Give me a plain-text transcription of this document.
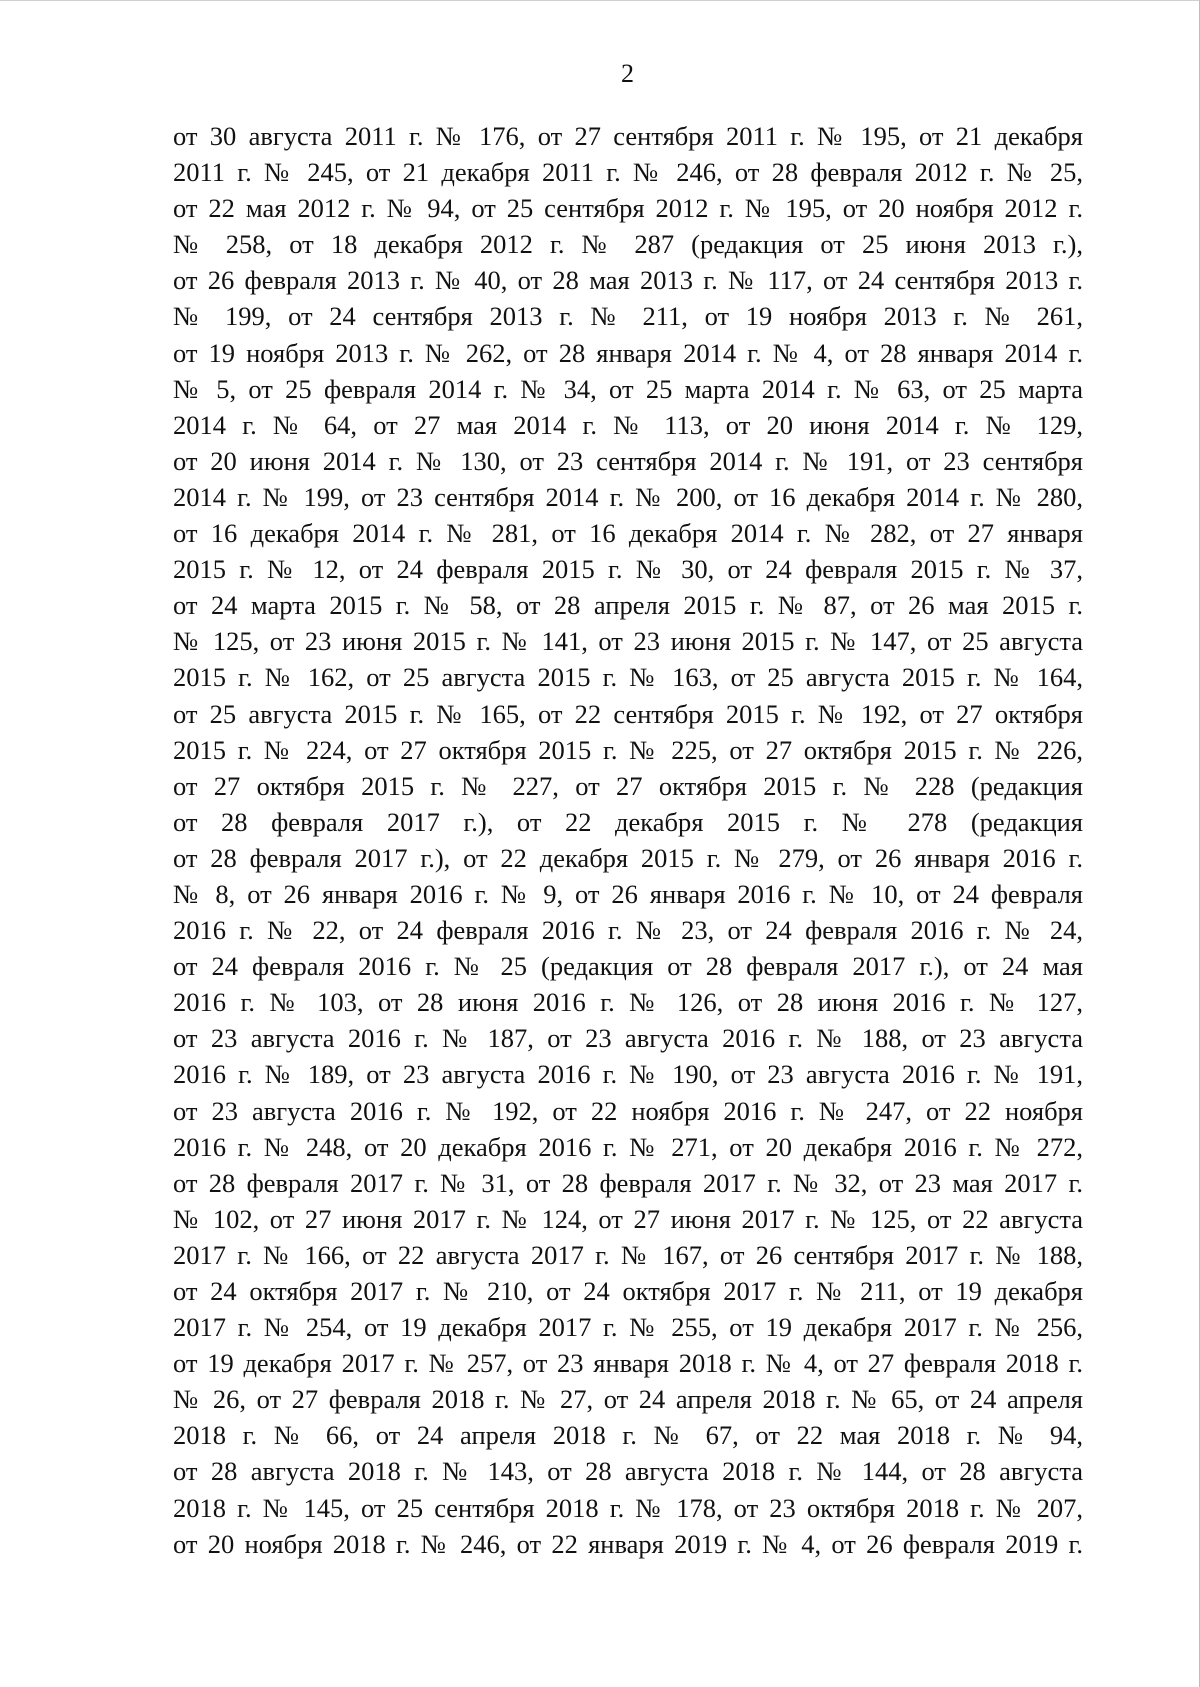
2
от 30 августа 2011 г. № 176, от 27 сентября 2011 г. № 195, от 21 декабря
2011 г. № 245, от 21 декабря 2011 г. № 246, от 28 февраля 2012 г. № 25,
от 22 мая 2012 г. № 94, от 25 сентября 2012 г. № 195, от 20 ноября 2012 г.
№ 258, от 18 декабря 2012 г. № 287 (редакция от 25 июня 2013 г.),
от 26 февраля 2013 г. № 40, от 28 мая 2013 г. № 117, от 24 сентября 2013 г.
№ 199, от 24 сентября 2013 г. № 211, от 19 ноября 2013 г. № 261,
от 19 ноября 2013 г. № 262, от 28 января 2014 г. № 4, от 28 января 2014 г.
№ 5, от 25 февраля 2014 г. № 34, от 25 марта 2014 г. № 63, от 25 марта
2014 г. № 64, от 27 мая 2014 г. № 113, от 20 июня 2014 г. № 129,
от 20 июня 2014 г. № 130, от 23 сентября 2014 г. № 191, от 23 сентября
2014 г. № 199, от 23 сентября 2014 г. № 200, от 16 декабря 2014 г. № 280,
от 16 декабря 2014 г. № 281, от 16 декабря 2014 г. № 282, от 27 января
2015 г. № 12, от 24 февраля 2015 г. № 30, от 24 февраля 2015 г. № 37,
от 24 марта 2015 г. № 58, от 28 апреля 2015 г. № 87, от 26 мая 2015 г.
№ 125, от 23 июня 2015 г. № 141, от 23 июня 2015 г. № 147, от 25 августа
2015 г. № 162, от 25 августа 2015 г. № 163, от 25 августа 2015 г. № 164,
от 25 августа 2015 г. № 165, от 22 сентября 2015 г. № 192, от 27 октября
2015 г. № 224, от 27 октября 2015 г. № 225, от 27 октября 2015 г. № 226,
от 27 октября 2015 г. № 227, от 27 октября 2015 г. № 228 (редакция
от 28 февраля 2017 г.), от 22 декабря 2015 г. № 278 (редакция
от 28 февраля 2017 г.), от 22 декабря 2015 г. № 279, от 26 января 2016 г.
№ 8, от 26 января 2016 г. № 9, от 26 января 2016 г. № 10, от 24 февраля
2016 г. № 22, от 24 февраля 2016 г. № 23, от 24 февраля 2016 г. № 24,
от 24 февраля 2016 г. № 25 (редакция от 28 февраля 2017 г.), от 24 мая
2016 г. № 103, от 28 июня 2016 г. № 126, от 28 июня 2016 г. № 127,
от 23 августа 2016 г. № 187, от 23 августа 2016 г. № 188, от 23 августа
2016 г. № 189, от 23 августа 2016 г. № 190, от 23 августа 2016 г. № 191,
от 23 августа 2016 г. № 192, от 22 ноября 2016 г. № 247, от 22 ноября
2016 г. № 248, от 20 декабря 2016 г. № 271, от 20 декабря 2016 г. № 272,
от 28 февраля 2017 г. № 31, от 28 февраля 2017 г. № 32, от 23 мая 2017 г.
№ 102, от 27 июня 2017 г. № 124, от 27 июня 2017 г. № 125, от 22 августа
2017 г. № 166, от 22 августа 2017 г. № 167, от 26 сентября 2017 г. № 188,
от 24 октября 2017 г. № 210, от 24 октября 2017 г. № 211, от 19 декабря
2017 г. № 254, от 19 декабря 2017 г. № 255, от 19 декабря 2017 г. № 256,
от 19 декабря 2017 г. № 257, от 23 января 2018 г. № 4, от 27 февраля 2018 г.
№ 26, от 27 февраля 2018 г. № 27, от 24 апреля 2018 г. № 65, от 24 апреля
2018 г. № 66, от 24 апреля 2018 г. № 67, от 22 мая 2018 г. № 94,
от 28 августа 2018 г. № 143, от 28 августа 2018 г. № 144, от 28 августа
2018 г. № 145, от 25 сентября 2018 г. № 178, от 23 октября 2018 г. № 207,
от 20 ноября 2018 г. № 246, от 22 января 2019 г. № 4, от 26 февраля 2019 г.
